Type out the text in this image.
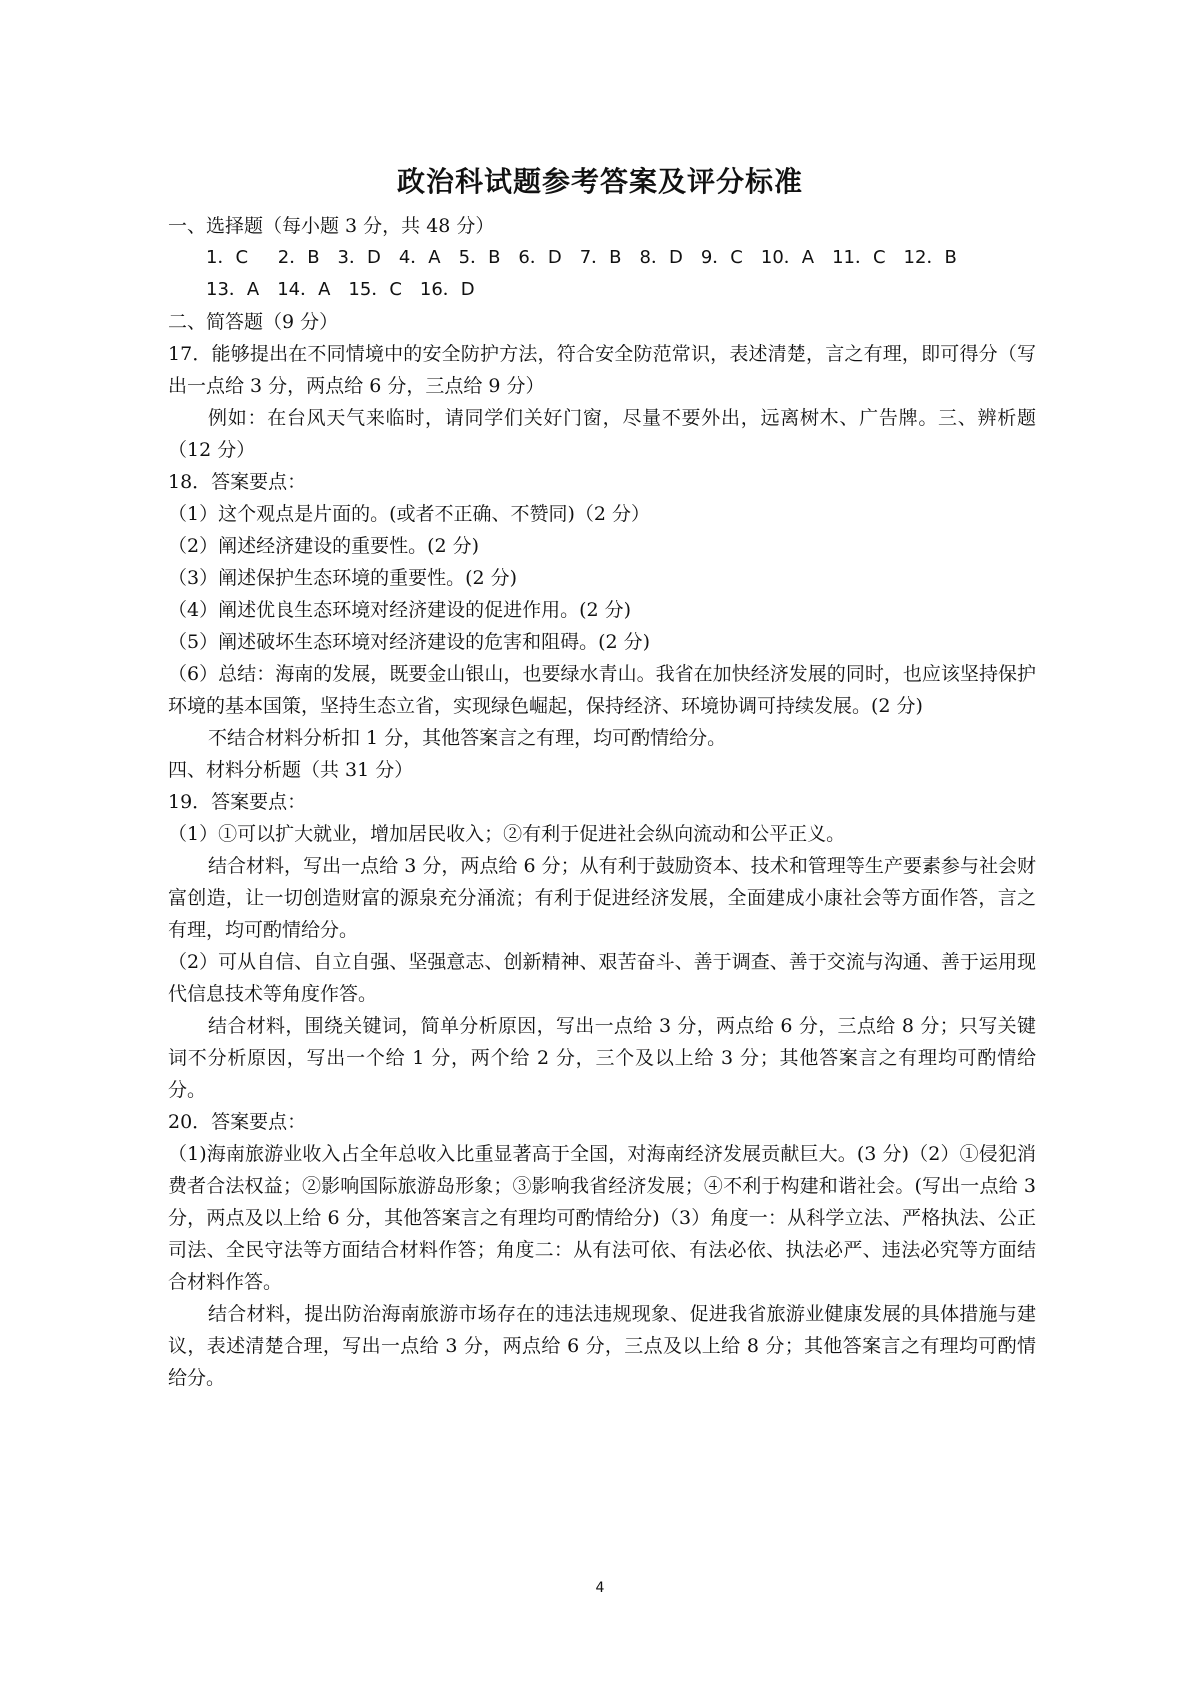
政治科试题参考答案及评分标准

一、选择题（每小题 3 分，共 48 分）

1．C　 2．B　3．D　4．A　5．B　6．D　7．B　8．D　9．C　10．A　11．C　12．B

13．A　14．A　15．C　16．D

二、简答题（9 分）

17．能够提出在不同情境中的安全防护方法，符合安全防范常识，表述清楚，言之有理，即可得分（写出一点给 3 分，两点给 6 分，三点给 9 分）

例如：在台风天气来临时，请同学们关好门窗，尽量不要外出，远离树木、广告牌。三、辨析题（12 分）

18．答案要点：

（1）这个观点是片面的。(或者不正确、不赞同)（2 分）

（2）阐述经济建设的重要性。(2 分)

（3）阐述保护生态环境的重要性。(2 分)

（4）阐述优良生态环境对经济建设的促进作用。(2 分)

（5）阐述破坏生态环境对经济建设的危害和阻碍。(2 分)

（6）总结：海南的发展，既要金山银山，也要绿水青山。我省在加快经济发展的同时，也应该坚持保护环境的基本国策，坚持生态立省，实现绿色崛起，保持经济、环境协调可持续发展。(2 分)

不结合材料分析扣 1 分，其他答案言之有理，均可酌情给分。

四、材料分析题（共 31 分）

19．答案要点：

（1）①可以扩大就业，增加居民收入；②有利于促进社会纵向流动和公平正义。

结合材料，写出一点给 3 分，两点给 6 分；从有利于鼓励资本、技术和管理等生产要素参与社会财富创造，让一切创造财富的源泉充分涌流；有利于促进经济发展，全面建成小康社会等方面作答，言之有理，均可酌情给分。

（2）可从自信、自立自强、坚强意志、创新精神、艰苦奋斗、善于调查、善于交流与沟通、善于运用现代信息技术等角度作答。

结合材料，围绕关键词，简单分析原因，写出一点给 3 分，两点给 6 分，三点给 8 分；只写关键词不分析原因，写出一个给 1 分，两个给 2 分，三个及以上给 3 分；其他答案言之有理均可酌情给分。

20．答案要点：

（1)海南旅游业收入占全年总收入比重显著高于全国，对海南经济发展贡献巨大。(3 分)（2）①侵犯消费者合法权益；②影响国际旅游岛形象；③影响我省经济发展；④不利于构建和谐社会。(写出一点给 3 分，两点及以上给 6 分，其他答案言之有理均可酌情给分)（3）角度一：从科学立法、严格执法、公正司法、全民守法等方面结合材料作答；角度二：从有法可依、有法必依、执法必严、违法必究等方面结合材料作答。

结合材料，提出防治海南旅游市场存在的违法违规现象、促进我省旅游业健康发展的具体措施与建议，表述清楚合理，写出一点给 3 分，两点给 6 分，三点及以上给 8 分；其他答案言之有理均可酌情给分。

4
